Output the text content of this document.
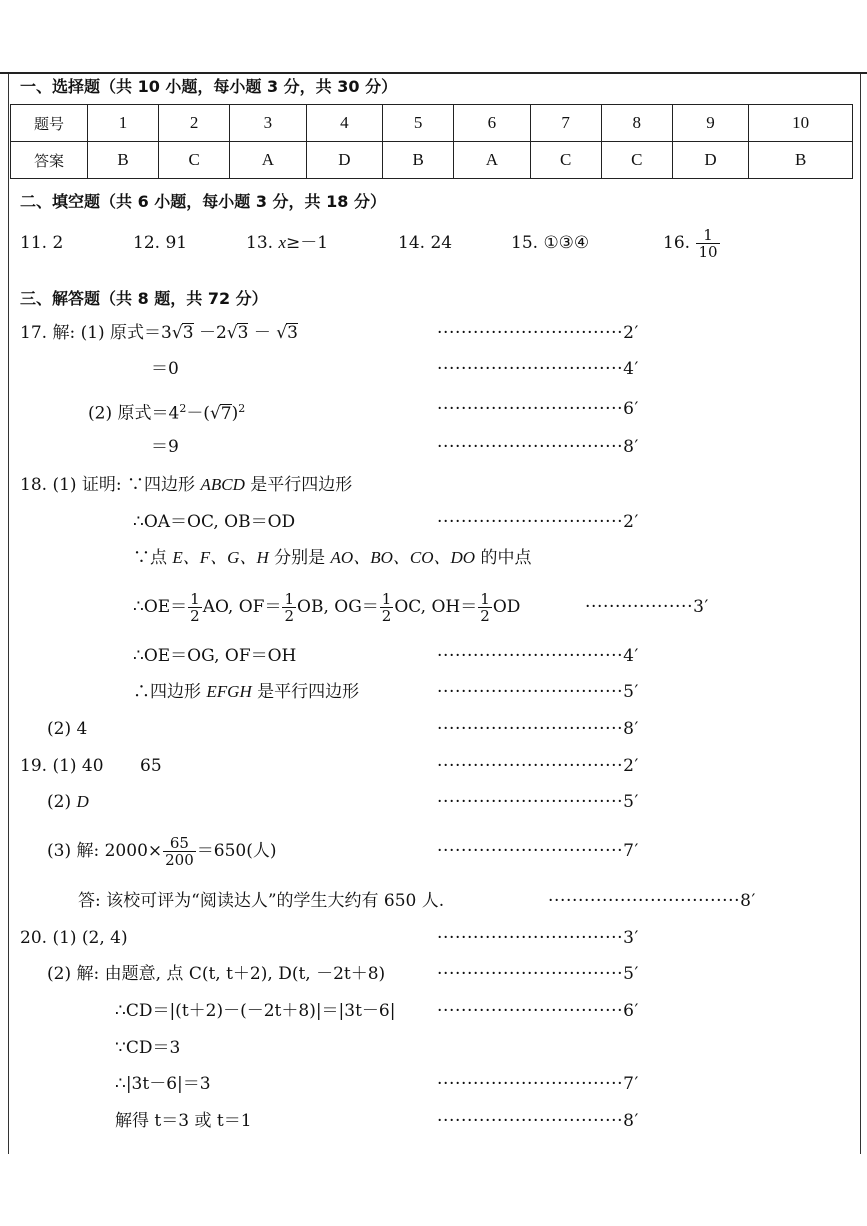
一、选择题（共 10 小题，每小题 3 分，共 30 分）
题号	1	2	3	4	5	6	7	8	9	10
答案	B	C	A	D	B	A	C	C	D	B
二、填空题（共 6 小题，每小题 3 分，共 18 分）
11. 2	12. 91	13. x≥－1	14. 24	15. ①③④	16. $\frac{1}{10}$
三、解答题（共 8 题，共 72 分）
17. 解: (1) 原式＝3√3 －2√3 － √3	·······························2′
＝0	·······························4′
(2) 原式$=4^2-(√7)^2$	·······························6′
＝9	·······························8′
18. (1) 证明: ∵四边形 ABCD 是平行四边形
∴OA＝OC, OB＝OD	·······························2′
∵点 E、F、G、H 分别是 AO、BO、CO、DO 的中点
∴OE＝ $\frac{1}{2}$ AO, $OF= \frac{1}{2}$ OB, $OG= \frac{1}{2}$ OC, $OH= \frac{1}{2}$ OD	··················3′
∴OE＝OG, OF＝OH	·······························4′
∴四边形 EFGH 是平行四边形	·······························5′
(2) 4	·······························8′
19. (1) 40 65	·······························2′
(2) D	·······························5′
(3) 解: $2000\times \frac{65}{200} =650$(人)	·······························7′
答: 该校可评为“阅读达人”的学生大约有 650 人.	································8′
20. (1) (2, 4)	·······························3′
(2) 解: 由题意, 点 C(t, t＋2), D(t, －2t＋8)	·······························5′
∴CD＝|(t＋2)－(－2t＋8)|＝|3t－6| ·······························6′
∵CD＝3
∴|3t－6|＝3	·······························7′
解得 t＝3 或 t＝1	·······························8′
